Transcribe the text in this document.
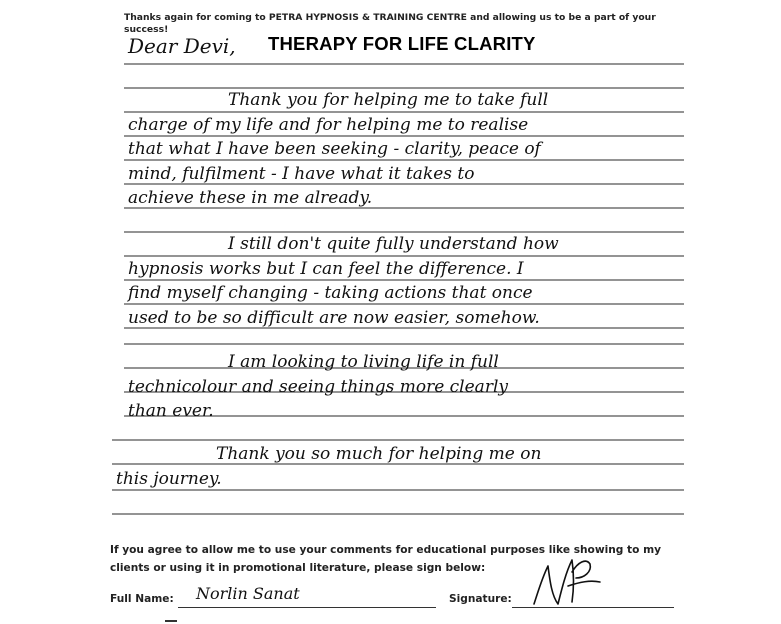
Thanks again for coming to PETRA HYPNOSIS & TRAINING CENTRE and allowing us to be a part of your success!
THERAPY FOR LIFE CLARITY
Dear Devi,
Thank you for helping me to take full
charge of my life and for helping me to realise
that what I have been seeking - clarity, peace of
mind, fulfilment - I have what it takes to
achieve these in me already.
I still don't quite fully understand how
hypnosis works but I can feel the difference. I
find myself changing - taking actions that once
used to be so difficult are now easier, somehow.
I am looking to living life in full
technicolour and seeing things more clearly
than ever.
Thank you so much for helping me on
this journey.
If you agree to allow me to use your comments for educational purposes like showing to my clients or using it in promotional literature, please sign below:
Full Name: Norlin Sanat	Signature:
